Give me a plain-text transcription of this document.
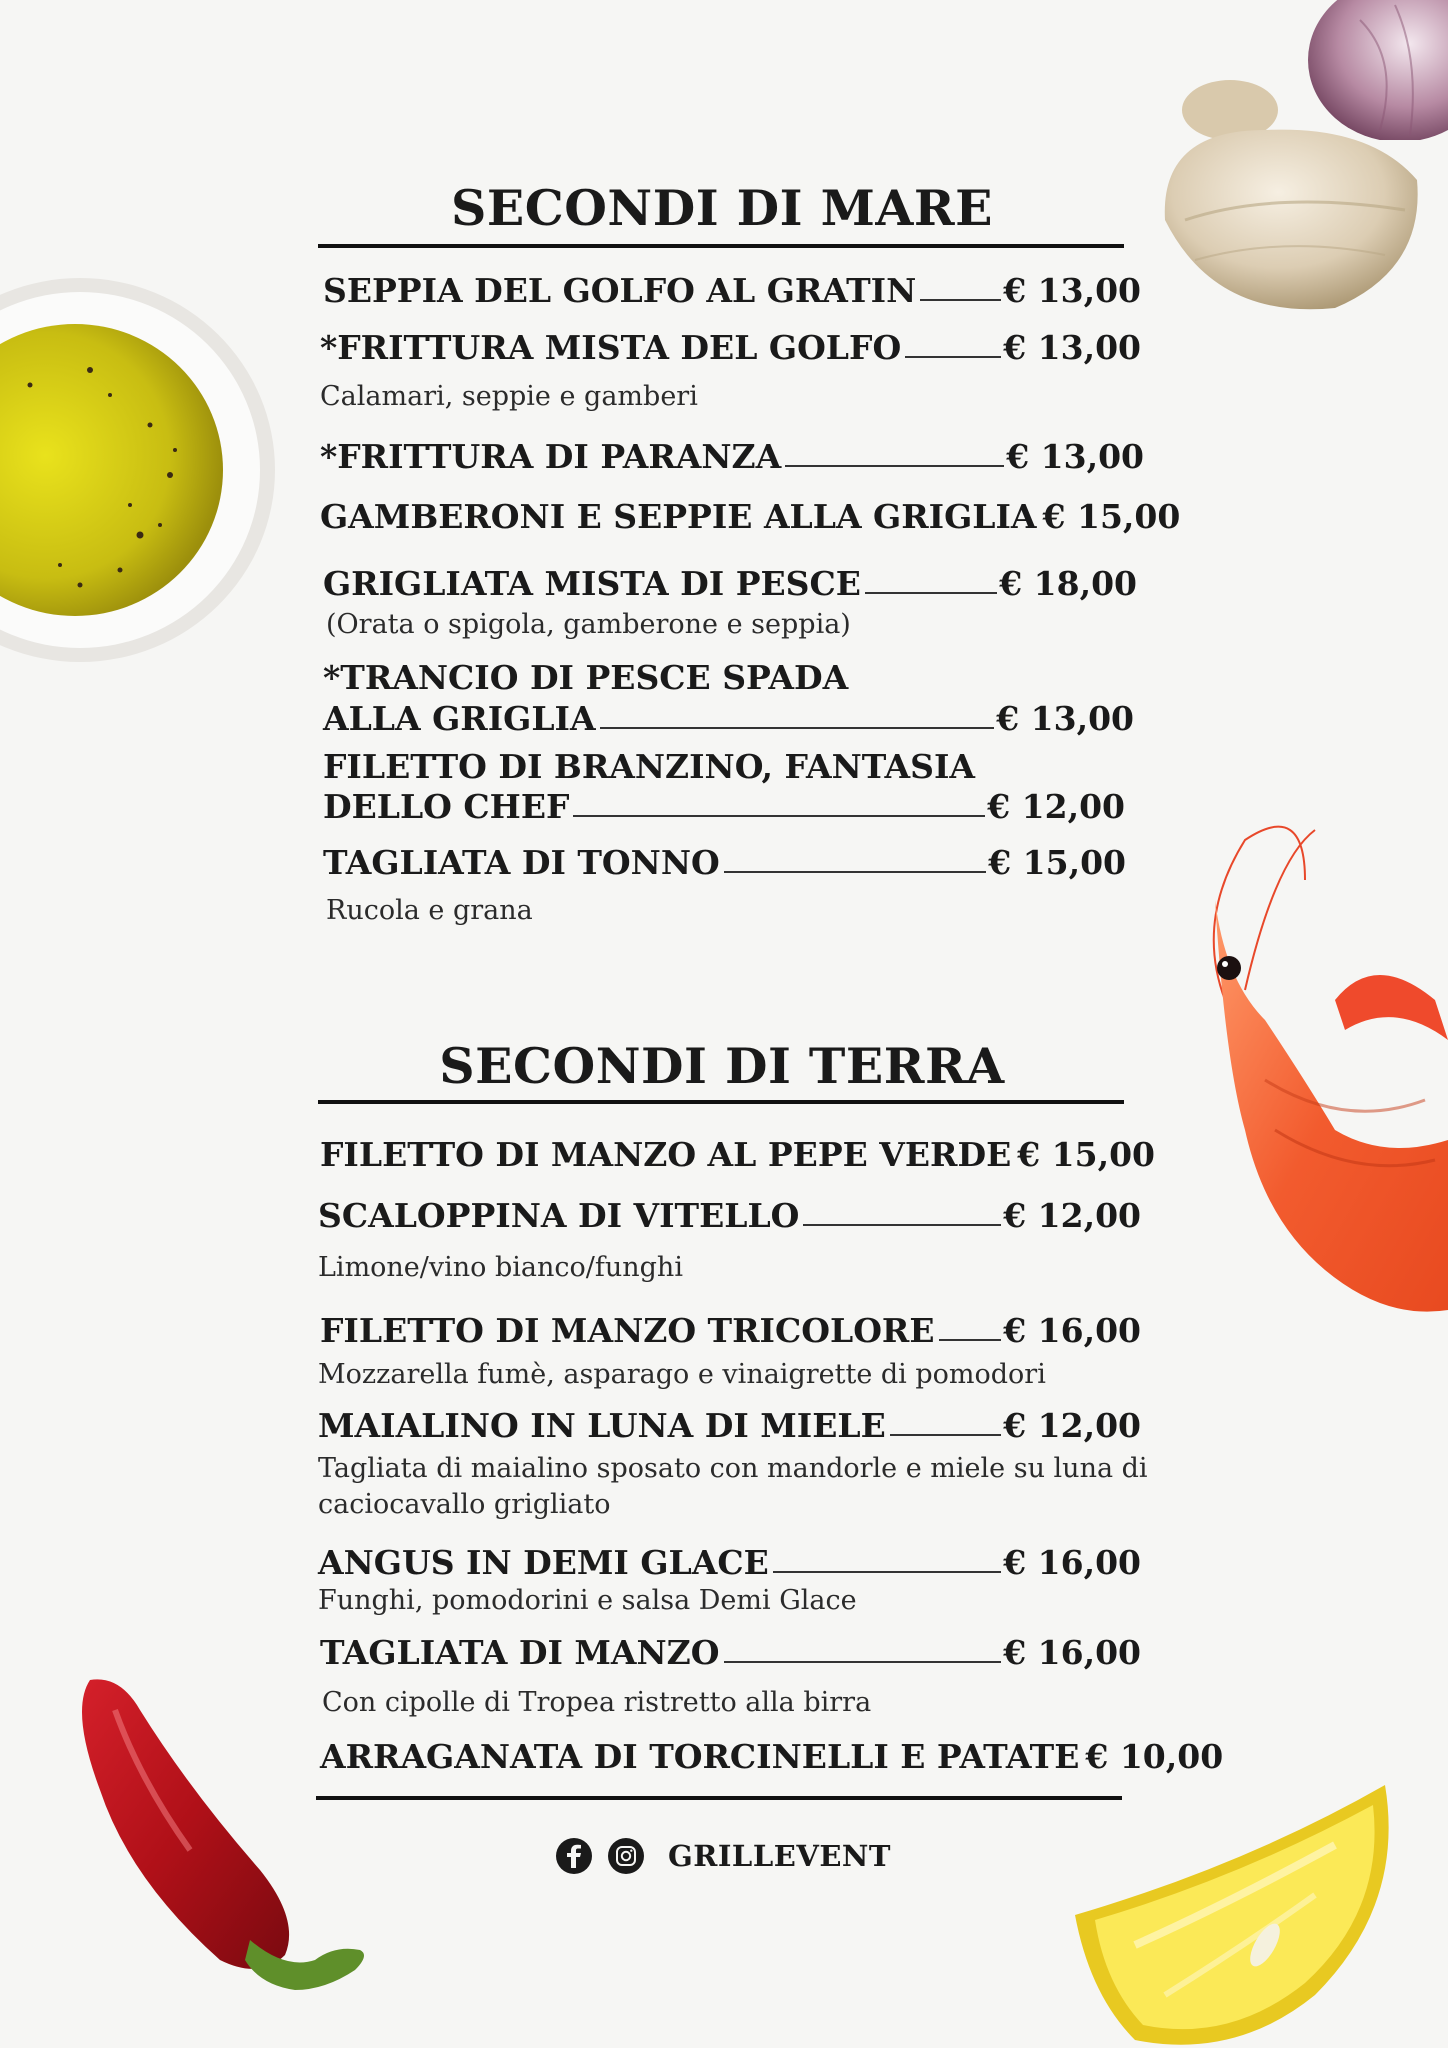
SECONDI DI MARE
SEPPIA DEL GOLFO AL GRATIN	€ 13,00
*FRITTURA MISTA DEL GOLFO	€ 13,00
Calamari, seppie e gamberi
*FRITTURA DI PARANZA	€ 13,00
GAMBERONI E SEPPIE ALLA GRIGLIA € 15,00
GRIGLIATA MISTA DI PESCE	€ 18,00
(Orata o spigola, gamberone e seppia)
*TRANCIO DI PESCE SPADA
ALLA GRIGLIA	€ 13,00
FILETTO DI BRANZINO, FANTASIA
DELLO CHEF	€ 12,00
TAGLIATA DI TONNO	€ 15,00
Rucola e grana
SECONDI DI TERRA
FILETTO DI MANZO AL PEPE VERDE € 15,00
SCALOPPINA DI VITELLO	€ 12,00
Limone/vino bianco/funghi
FILETTO DI MANZO TRICOLORE € 16,00
Mozzarella fumè, asparago e vinaigrette di pomodori
MAIALINO IN LUNA DI MIELE	€ 12,00
Tagliata di maialino sposato con mandorle e miele su luna di
caciocavallo grigliato
ANGUS IN DEMI GLACE	€ 16,00
Funghi, pomodorini e salsa Demi Glace
TAGLIATA DI MANZO	€ 16,00
Con cipolle di Tropea ristretto alla birra
ARRAGANATA DI TORCINELLI E PATATE € 10,00
GRILLEVENT
